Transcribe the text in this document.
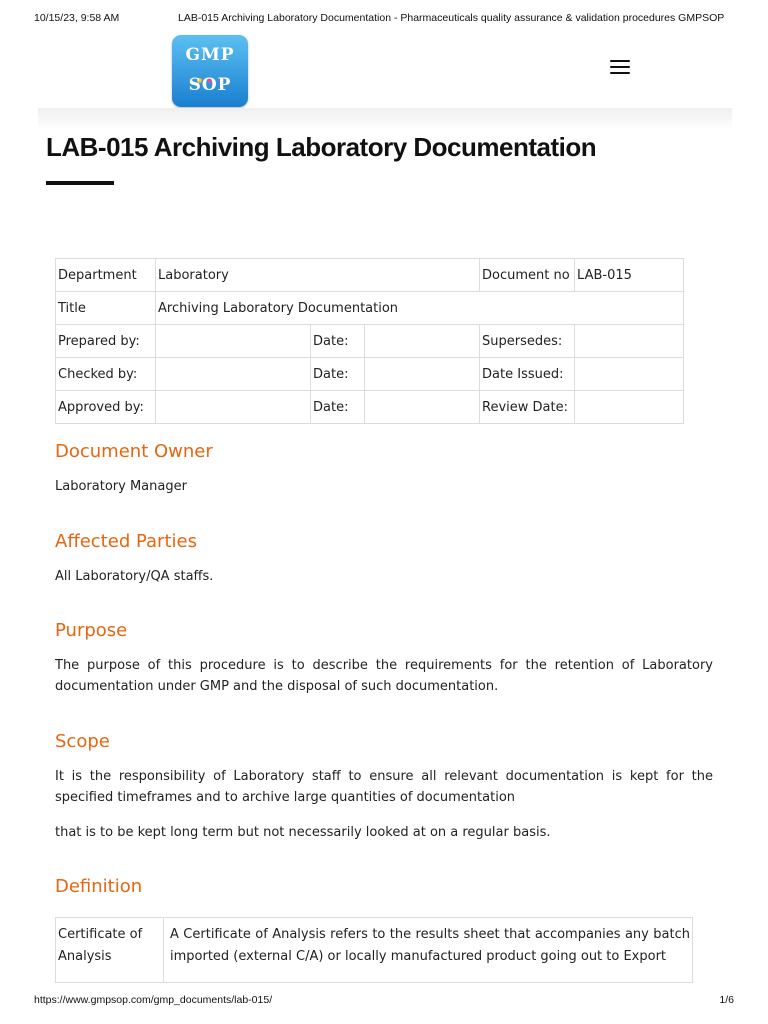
10/15/23, 9:58 AM	LAB-015 Archiving Laboratory Documentation - Pharmaceuticals quality assurance & validation procedures GMPSOP
GMP
SOP
LAB-015 Archiving Laboratory Documentation
Department	Laboratory			Document no	LAB-015
Title	Archiving Laboratory Documentation				
Prepared by:		Date:		Supersedes:	
Checked by:		Date:		Date Issued:	
Approved by:		Date:		Review Date:	
Document Owner

Laboratory Manager

Affected Parties

All Laboratory/QA staffs.

Purpose

The purpose of this procedure is to describe the requirements for the retention of Laboratory documentation under GMP and the disposal of such documentation.

Scope

It is the responsibility of Laboratory staff to ensure all relevant documentation is kept for the specified timeframes and to archive large quantities of documentation

that is to be kept long term but not necessarily looked at on a regular basis.

Definition
Certificate of Analysis	A Certificate of Analysis refers to the results sheet that accompanies any batch imported (external C/A) or locally manufactured product going out to Export
https://www.gmpsop.com/gmp_documents/lab-015/	1/6
